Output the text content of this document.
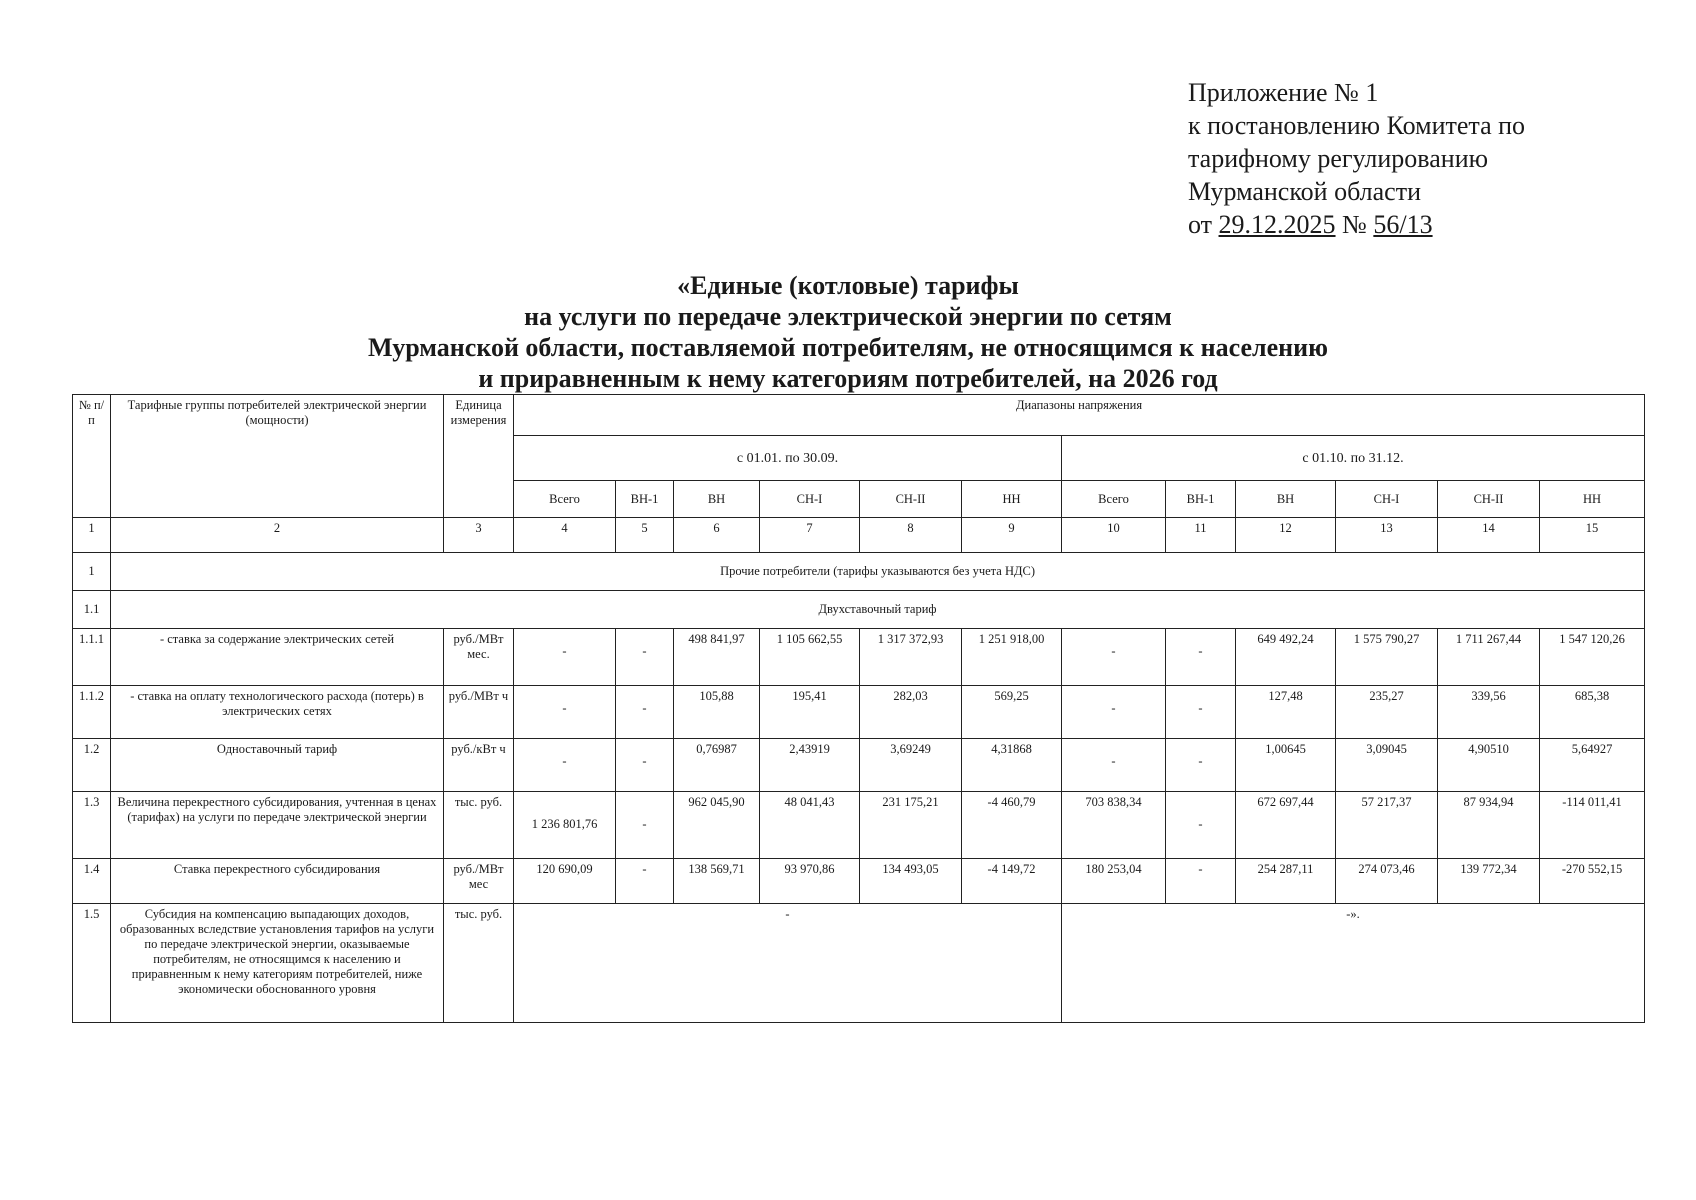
Приложение № 1
к постановлению Комитета по
тарифному регулированию
Мурманской области
от 29.12.2025 № 56/13
«Единые (котловые) тарифы
на услуги по передаче электрической энергии по сетям
Мурманской области, поставляемой потребителям, не относящимся к населению
и приравненным к нему категориям потребителей, на 2026 год
№ п/п	Тарифные группы потребителей электрической энергии (мощности)	Единица измерения	Диапазоны напряжения											
			с 01.01. по 30.09.						с 01.10. по 31.12.					
			Всего	ВН-1	ВН	СН-I	СН-II	НН	Всего	ВН-1	ВН	СН-I	СН-II	НН
1	2	3	4	5	6	7	8	9	10	11	12	13	14	15
1	Прочие потребители (тарифы указываются без учета НДС)													
1.1	Двухставочный тариф													
1.1.1	- ставка за содержание электрических сетей	руб./МВт мес.	-	-	498 841,97	1 105 662,55	1 317 372,93	1 251 918,00	-	-	649 492,24	1 575 790,27	1 711 267,44	1 547 120,26
1.1.2	- ставка на оплату технологического расхода (потерь) в электрических сетях	руб./МВт ч	-	-	105,88	195,41	282,03	569,25	-	-	127,48	235,27	339,56	685,38
1.2	Одноставочный тариф	руб./кВт ч	-	-	0,76987	2,43919	3,69249	4,31868	-	-	1,00645	3,09045	4,90510	5,64927
1.3	Величина перекрестного субсидирования, учтенная в ценах (тарифах) на услуги по передаче электрической энергии	тыс. руб.	1 236 801,76	-	962 045,90	48 041,43	231 175,21	-4 460,79	703 838,34	-	672 697,44	57 217,37	87 934,94	-114 011,41
1.4	Ставка перекрестного субсидирования	руб./МВт мес	120 690,09	-	138 569,71	93 970,86	134 493,05	-4 149,72	180 253,04	-	254 287,11	274 073,46	139 772,34	-270 552,15
1.5	Субсидия на компенсацию выпадающих доходов, образованных вследствие установления тарифов на услуги по передаче электрической энергии, оказываемые потребителям, не относящимся к населению и приравненным к нему категориям потребителей, ниже экономически обоснованного уровня	тыс. руб.	-						-».					
